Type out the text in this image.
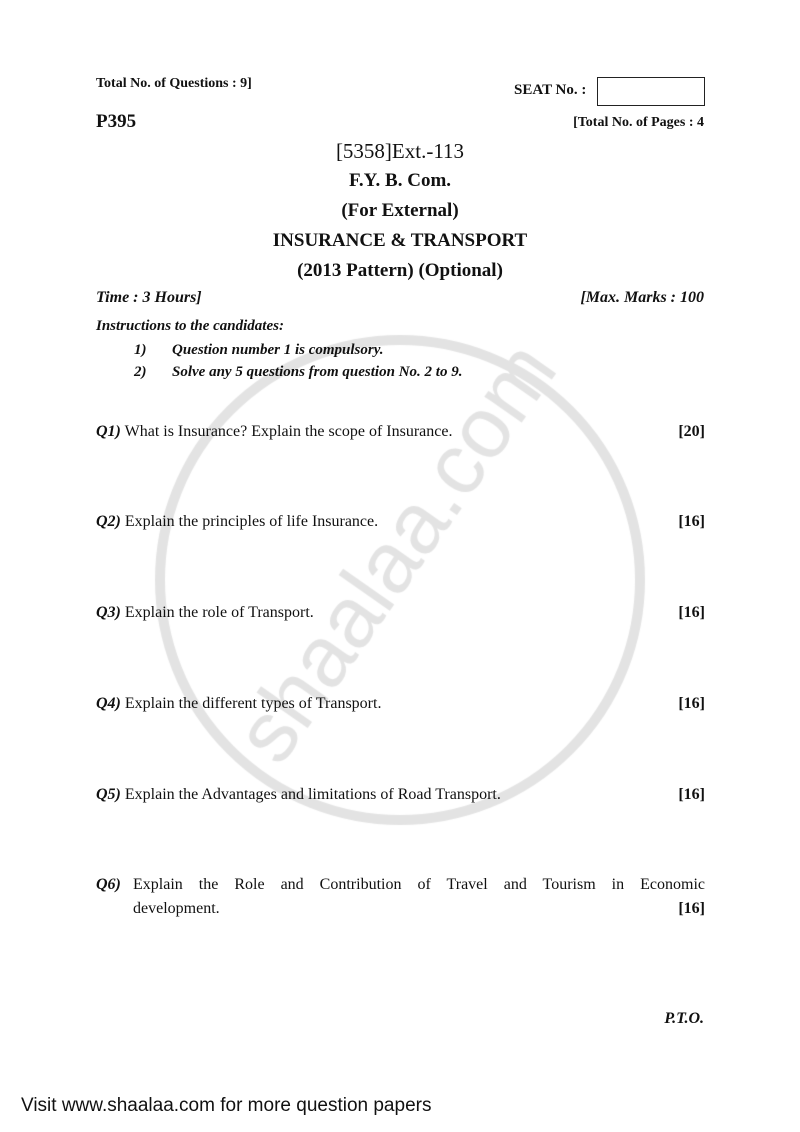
Total No. of Questions : 9]	SEAT No. :
P395	[Total No. of Pages : 4
[5358]Ext.-113
F.Y. B. Com.
(For External)
INSURANCE & TRANSPORT
(2013 Pattern) (Optional)
Time : 3 Hours]	[Max. Marks : 100
Instructions to the candidates:
1) Question number 1 is compulsory.
2) Solve any 5 questions from question No. 2 to 9.
Q1) What is Insurance? Explain the scope of Insurance.	[20]
Q2) Explain the principles of life Insurance.	[16]
Q3) Explain the role of Transport.	[16]
Q4) Explain the different types of Transport.	[16]
Q5) Explain the Advantages and limitations of Road Transport.	[16]
Q6) Explain the Role and Contribution of Travel and Tourism in Economic
development.	[16]
P.T.O.
Visit www.shaalaa.com for more question papers
